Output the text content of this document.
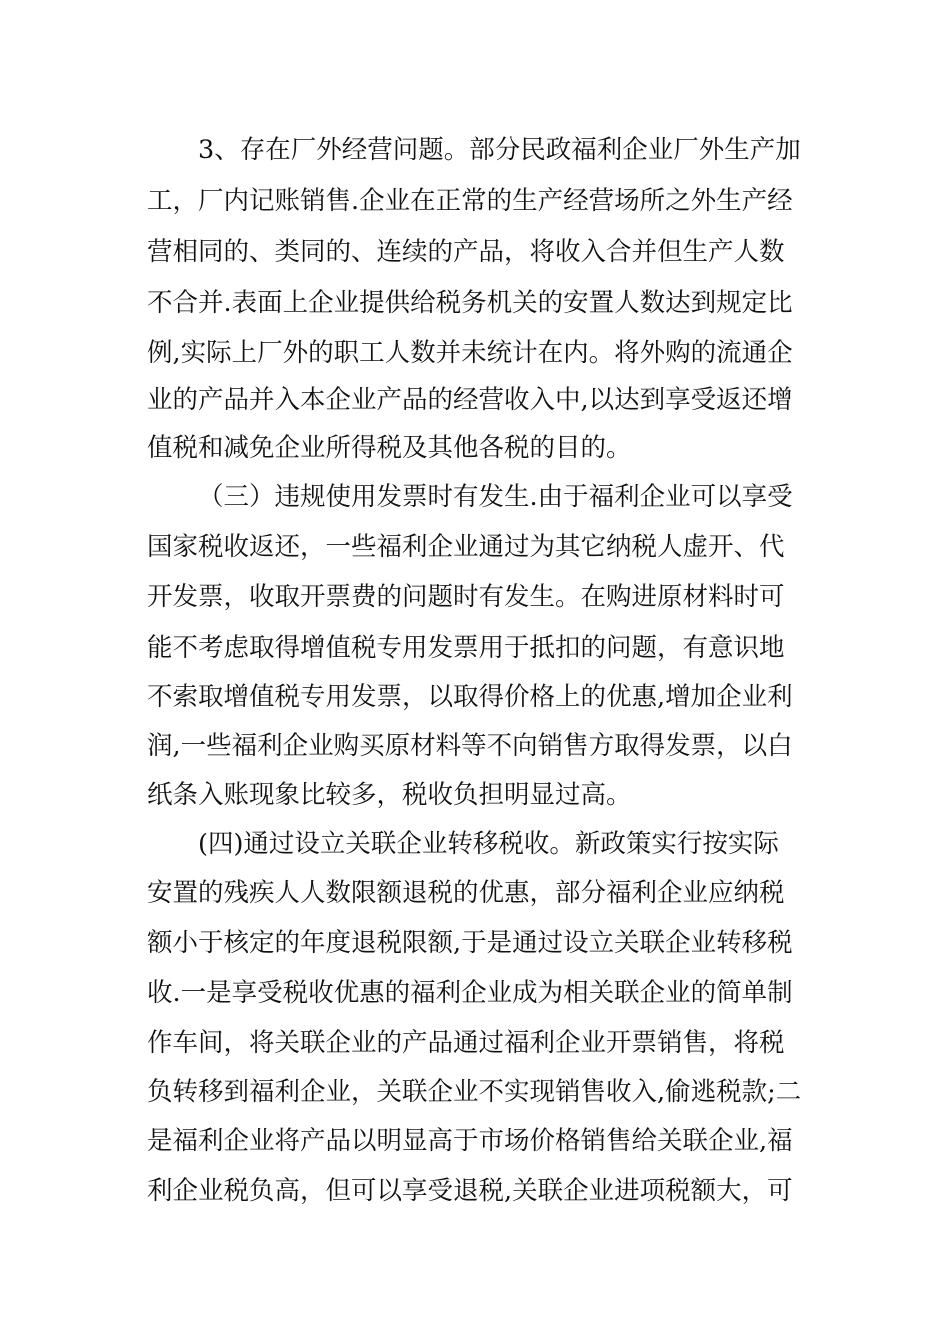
3、存在厂外经营问题。部分民政福利企业厂外生产加
工，厂内记账销售.企业在正常的生产经营场所之外生产经
营相同的、类同的、连续的产品，将收入合并但生产人数
不合并.表面上企业提供给税务机关的安置人数达到规定比
例,实际上厂外的职工人数并未统计在内。将外购的流通企
业的产品并入本企业产品的经营收入中,以达到享受返还增
值税和减免企业所得税及其他各税的目的。
（三）违规使用发票时有发生.由于福利企业可以享受
国家税收返还，一些福利企业通过为其它纳税人虚开、代
开发票，收取开票费的问题时有发生。在购进原材料时可
能不考虑取得增值税专用发票用于抵扣的问题，有意识地
不索取增值税专用发票，以取得价格上的优惠,增加企业利
润,一些福利企业购买原材料等不向销售方取得发票，以白
纸条入账现象比较多，税收负担明显过高。
(四)通过设立关联企业转移税收。新政策实行按实际
安置的残疾人人数限额退税的优惠，部分福利企业应纳税
额小于核定的年度退税限额,于是通过设立关联企业转移税
收.一是享受税收优惠的福利企业成为相关联企业的简单制
作车间，将关联企业的产品通过福利企业开票销售，将税
负转移到福利企业，关联企业不实现销售收入,偷逃税款;二
是福利企业将产品以明显高于市场价格销售给关联企业,福
利企业税负高，但可以享受退税,关联企业进项税额大，可
